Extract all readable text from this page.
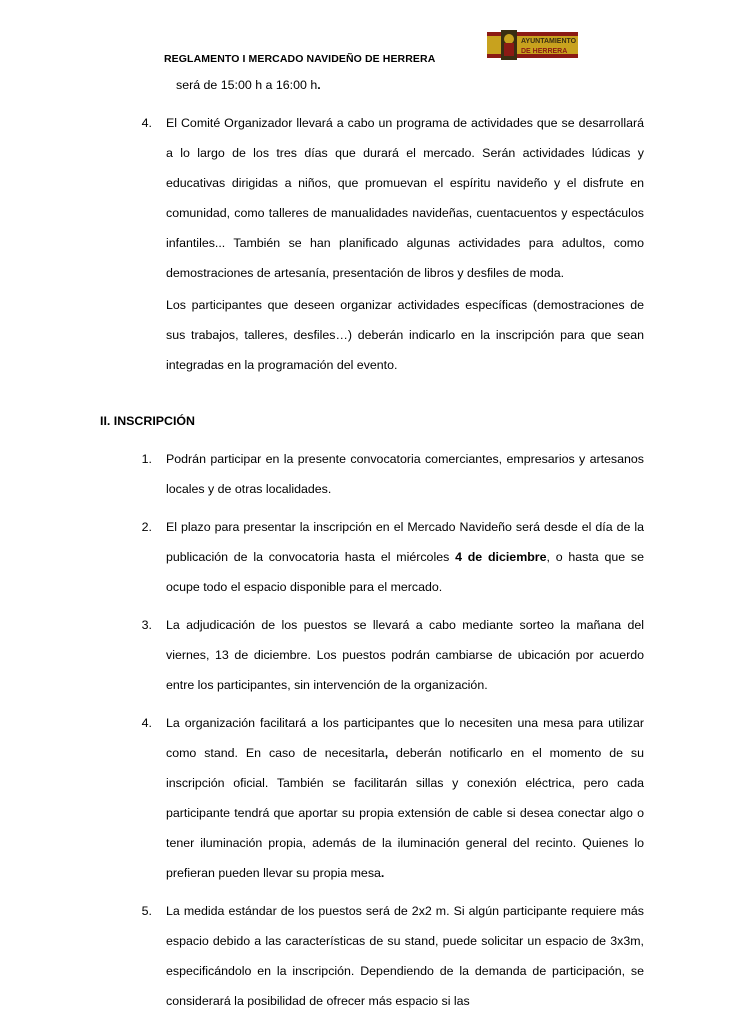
REGLAMENTO I MERCADO NAVIDEÑO DE HERRERA
AYUNTAMIENTO
DE HERRERA
será de 15:00 h a 16:00 h.
4.	El Comité Organizador llevará a cabo un programa de actividades que se desarrollará a lo largo de los tres días que durará el mercado. Serán actividades lúdicas y educativas dirigidas a niños, que promuevan el espíritu navideño y el disfrute en comunidad, como talleres de manualidades navideñas, cuentacuentos y espectáculos infantiles... También se han planificado algunas actividades para adultos, como demostraciones de artesanía, presentación de libros y desfiles de moda.
Los participantes que deseen organizar actividades específicas (demostraciones de sus trabajos, talleres, desfiles…) deberán indicarlo en la inscripción para que sean integradas en la programación del evento.
II. INSCRIPCIÓN
1.	Podrán participar en la presente convocatoria comerciantes, empresarios y artesanos locales y de otras localidades.
2.	El plazo para presentar la inscripción en el Mercado Navideño será desde el día de la publicación de la convocatoria hasta el miércoles 4 de diciembre, o hasta que se ocupe todo el espacio disponible para el mercado.
3.	La adjudicación de los puestos se llevará a cabo mediante sorteo la mañana del viernes, 13 de diciembre. Los puestos podrán cambiarse de ubicación por acuerdo entre los participantes, sin intervención de la organización.
4.	La organización facilitará a los participantes que lo necesiten una mesa para utilizar como stand. En caso de necesitarla, deberán notificarlo en el momento de su inscripción oficial. También se facilitarán sillas y conexión eléctrica, pero cada participante tendrá que aportar su propia extensión de cable si desea conectar algo o tener iluminación propia, además de la iluminación general del recinto. Quienes lo prefieran pueden llevar su propia mesa.
5.	La medida estándar de los puestos será de 2x2 m. Si algún participante requiere más espacio debido a las características de su stand, puede solicitar un espacio de 3x3m, especificándolo en la inscripción. Dependiendo de la demanda de participación, se considerará la posibilidad de ofrecer más espacio si las
